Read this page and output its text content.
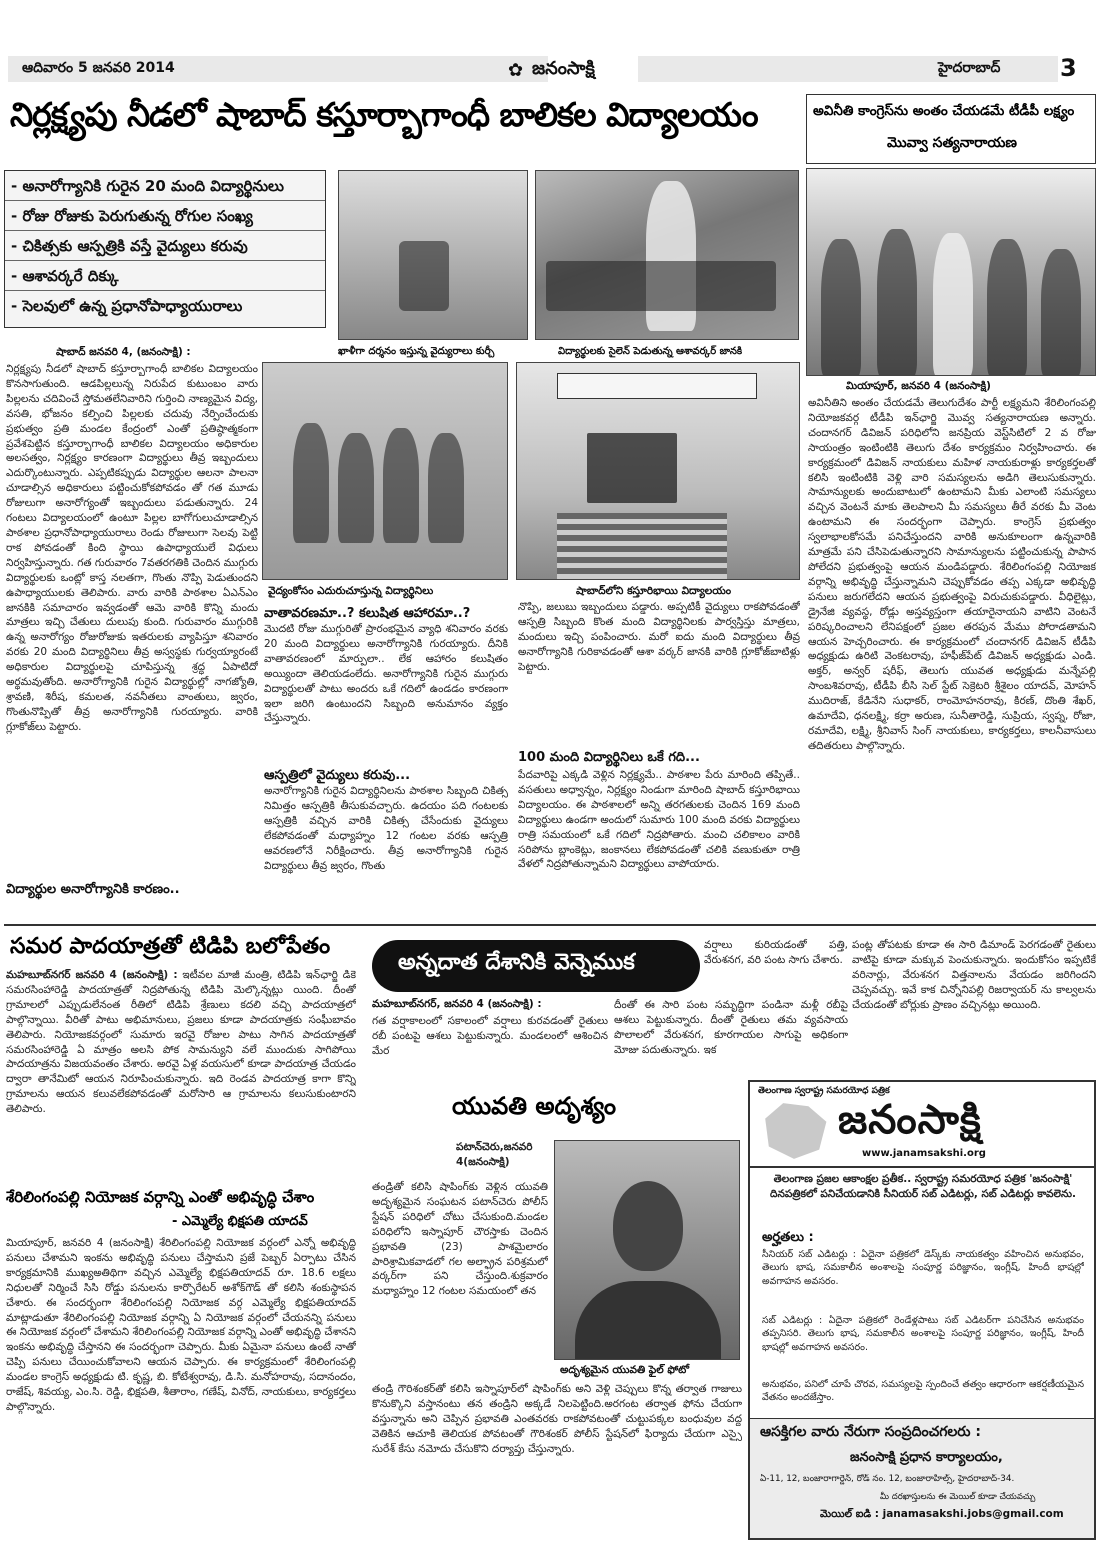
ఆదివారం 5 జనవరి 2014	✿ జనంసాక్షి	హైదరాబాద్ 3
నిర్లక్ష్యపు నీడలో షాబాద్ కస్తూర్బాగాంధీ బాలికల విద్యాలయం
- అనారోగ్యానికి గురైన 20 మంది విద్యార్థినులు
- రోజు రోజుకు పెరుగుతున్న రోగుల సంఖ్య
- చికిత్సకు ఆస్పత్రికి వస్తే వైద్యులు కరువు
- ఆశావర్కరే దిక్కు
- సెలవులో ఉన్న ప్రధానోపాధ్యాయురాలు
ఖాళీగా దర్శనం ఇస్తున్న వైద్యురాలు కుర్చీ	విద్యార్థులకు సైలెన్ పెడుతున్న ఆశావర్కర్ జానకి
షాబాద్ జనవరి 4, (జనంసాక్షి) :
నిర్లక్ష్యపు నీడలో షాబాద్ కస్తూర్బాగాంధీ బాలికల విద్యాలయం కొనసాగుతుంది. ఆడపిల్లలున్న నిరుపేద కుటుంబం వారు పిల్లలను చదివించే స్తోమతలేనివారిని గుర్తించి నాణ్యమైన విద్య, వసతి, భోజనం కల్పించి పిల్లలకు చదువు నేర్పించేందుకు ప్రభుత్వం ప్రతి మండల కేంద్రంలో ఎంతో ప్రతిష్ఠాత్మకంగా ప్రవేశపెట్టిన కస్తూర్బాగాంధీ బాలికల విద్యాలయం అధికారుల అలసత్వం, నిర్లక్ష్యం కారణంగా విద్యార్థులు తీవ్ర ఇబ్బందులు ఎదుర్కొంటున్నారు. ఎప్పటికప్పుడు విద్యార్థుల ఆలనా పాలనా చూడాల్సిన అధికారులు పట్టించుకోకపోవడం తో గత మూడు రోజులుగా అనారోగ్యంతో ఇబ్బందులు పడుతున్నారు. 24 గంటలు విద్యాలయంలో ఉంటూ పిల్లల బాగోగులుచూడాల్సిన పాఠశాల ప్రధానోపాధ్యాయురాలు రెండు రోజులుగా సెలవు పెట్టి రాక పోవడంతో కింది స్థాయి ఉపాధ్యాయులే విధులు నిర్వహిస్తున్నారు. గత గురువారం 7వతరగతికి చెందిన ముగ్గురు విద్యార్థులకు ఒంట్లో కాస్త నలతగా, గొంతు నొప్పి పెడుతుందని ఉపాధ్యాయులకు తెలిపారు. వారు వారికి పాఠశాల ఏఎన్ఎం జానకికి సమాచారం ఇవ్వడంతో ఆమె వారికి కొన్ని మందు మాత్రలు ఇచ్చి చేతులు దులుపు కుంది. గురువారం ముగ్గురికి ఉన్న అనారోగ్యం రోజురోజుకు ఇతరులకు వ్యాపిస్తూ శనివారం వరకు 20 మంది విద్యార్థినిలు తీవ్ర అస్వస్థకు గుర్వయ్యారంటే అధికారుల విద్యార్థులపై చూపిస్తున్న శ్రద్ధ ఏపాటిదో అర్థమవుతోంది. అనారోగ్యానికి గురైన విద్యార్థుల్లో నాగజ్యోతి, శ్రావణి, శిరీష, కమలత, నవనీతలు వాంతులు, జ్వరం, గొంతునొప్పితో తీవ్ర అనారోగ్యానికి గురయ్యారు. వారికి గ్లూకోజ్‌లు పెట్టారు.
విద్యార్థుల అనారోగ్యానికి కారణం..
వైద్యంకోసం ఎదురుచూస్తున్న విద్యార్థినిలు	షాబాద్‌లోని కస్తూరిభాయి విద్యాలయం
వాతావరణమా..? కలుషిత ఆహారమా..?
మొదటి రోజు ముగ్గురితో ప్రారంభమైన వ్యాధి శనివారం వరకు 20 మంది విద్యార్థులు అనారోగ్యానికి గురయ్యారు. దీనికి వాతావరణంలో మార్పులా.. లేక ఆహారం కలుషితం అయ్యిందా తెలియడంలేదు. అనారోగ్యానికి గురైన ముగ్గురు విద్యార్థులతో పాటు అందరు ఒకే గదిలో ఉండడం కారణంగా ఇలా జరిగి ఉంటుందని సిబ్బంది అనుమానం వ్యక్తం చేస్తున్నారు.
ఆస్పత్రిలో వైద్యులు కరువు...
అనారోగ్యానికి గురైన విద్యార్థినిలను పాఠశాల సిబ్బంది చికిత్స నిమిత్తం ఆస్పత్రికి తీసుకువచ్చారు. ఉదయం పది గంటలకు ఆస్పత్రికి వచ్చిన వారికి చికిత్స చేసేందుకు వైద్యులు లేకపోవడంతో మధ్యాహ్నం 12 గంటల వరకు ఆస్పత్రి ఆవరణలోనే నిరీక్షించారు. తీవ్ర అనారోగ్యానికి గురైన విద్యార్థులు తీవ్ర జ్వరం, గొంతు
నొప్పి, జలుబు ఇబ్బందులు పడ్డారు. అప్పటికీ వైద్యులు రాకపోవడంతో ఆస్పత్రి సిబ్బంది కొంత మంది విద్యార్థినిలకు పార్వస్తిస్తు మాత్రలు, మందులు ఇచ్చి పంపించారు. మరో ఐదు మంది విద్యార్థులు తీవ్ర అనారోగ్యానికి గురికావడంతో ఆశా వర్కర్ జానకి వారికి గ్లూకోజ్‌బాటిళ్లు పెట్టారు.
100 మంది విద్యార్థినిలు ఒకే గది...
పేదవారిపై ఎక్కడి వెళ్లిన నిర్లక్ష్యమే.. పాఠశాల పేరు మారింది తప్పితే.. వసతులు అధ్వాన్నం, నిర్లక్ష్యం నిండుగా మారింది షాబాద్ కస్తూరిభాయి విద్యాలయం. ఈ పాఠశాలలో అన్ని తరగతులకు చెందిన 169 మంది విద్యార్థులు ఉండగా అందులో సుమారు 100 మంది వరకు విద్యార్థులు రాత్రి సమయంలో ఒకే గదిలో నిద్రపోతారు. మంచి చలికాలం వారికి సరిపోను బ్లాంకెట్లు, జంకానలు లేకపోవడంతో చలికి వణుకుతూ రాత్రి వేళలో నిద్రపోతున్నామని విద్యార్థులు వాపోయారు.
అవినీతి కాంగ్రెస్‌ను అంతం చేయడమే టీడీపీ లక్ష్యం
మొవ్వా సత్యనారాయణ
మియాపూర్, జనవరి 4 (జనంసాక్షి)
అవినీతిని అంతం చేయడమే తెలుగుదేశం పార్టీ లక్ష్యమని శేరిలింగంపల్లి నియోజకవర్గ టీడీపి ఇన్‌ఛార్జి మొవ్వ సత్యనారాయణ అన్నారు. చందానగర్ డివిజన్ పరిధిలోని జనప్రియ వెస్ట్‌సిటిలో 2 వ రోజు సాయంత్రం ఇంటింటికి తెలుగు దేశం కార్యక్రమం నిర్వహించారు. ఈ కార్యక్రమంలో డివిజన్ నాయకులు మహిళ నాయకురాళ్లు కార్యకర్తలతో కలిసి ఇంటింటికి వెళ్లి వారి సమస్యలను అడిగి తెలుసుకున్నారు. సామాన్యులకు అందుబాటులో ఉంటామని మీకు ఎలాంటి సమస్యలు వచ్చిన వెంటనే మాకు తెలపాలని మీ సమస్యలు తీరే వరకు మీ వెంట ఉంటామని ఈ సందర్భంగా చెప్పారు. కాంగ్రెస్ ప్రభుత్వం స్వలాభాలకోసమే పనిచేస్తుందని వారికి అనుకూలంగా ఉన్నవారికి మాత్రమే పని చేసిపెడుతున్నారని సామాన్యులను పట్టించుకున్న పాపాన పోలేదని ప్రభుత్వంపై ఆయన మండిపడ్డారు. శేరిలింగంపల్లి నియోజక వర్గాన్ని అభివృద్ధి చేస్తున్నామని చెప్పుకోవడం తప్ప ఎక్కడా అభివృద్ధి పనులు జరుగలేదని ఆయన ప్రభుత్వంపై విరుచుకుపడ్డారు. వీధిలైట్లు, డ్రైనేజి వ్యవస్థ, రోడ్లు అస్తవ్యస్తంగా తయారైనాయని వాటిని వెంటనే పరిష్కరించాలని లేనిపక్షంలో ప్రజల తరపున మేము పోరాడతామని ఆయన హెచ్చరించారు. ఈ కార్యక్రమంలో చందానగర్ డివిజన్ టీడీపి అధ్యక్షుడు ఉరిటి వెంకటరావు, హఫీజ్‌పేట్ డివిజన్ అధ్యక్షుడు ఎండి. అక్తర్, అన్వర్ షరీఫ్, తెలుగు యువత అధ్యక్షుడు మన్నేపల్లి సాంబశివరావు, టీడీపి బీసి సెల్ స్టేట్ సెక్రెటరి శ్రీశైలం యాదవ్, మోహన్ ముదిరాజ్, కేడినేని సుధాకర్, రాంమోహనరావు, కిరణ్, దొంతి శేఖర్, ఉమాదేవి, ధనలక్ష్మి, కర్రా అరుణ, సునీతారెడ్డి, సుప్రియ, స్వప్న, రోజా, రమాదేవి, లక్ష్మి, శ్రీనివాస్ సింగ్ నాయకులు, కార్యకర్తలు, కాలనీవాసులు తదితరులు పాల్గొన్నారు.
సమర పాదయాత్రతో టిడిపి బలోపేతం
మహబూబ్‌నగర్ జనవరి 4 (జనంసాక్షి) : ఇటీవల మాజీ మంత్రి, టిడిపి ఇన్‌ఛార్జి డికె సమరసింహారెడ్డి పాదయాత్రతో నిద్రపోతున్న టిడిపి మెల్కొన్నట్లు యింది. దీంతో గ్రామాలలో ఎప్పుడులేనంత రీతిలో టిడిపి శ్రేణులు కదలి వచ్చి పాదయాత్రలో పాల్గొన్నాయి. వీరితో పాటు అభిమానులు, ప్రజలు కూడా పాదయాత్రకు సంఘీబావం తెలిపారు. నియోజకవర్గంలో సుమారు ఇరవై రోజుల పాటు సాగిన పాదయాత్రతో సమరసింహారెడ్డి ఏ మాత్రం అలసి పోక సామన్యుని వలే ముందుకు సాగిపోయి పాదయాత్రను విజయవంతం చేశారు. అరవై ఏళ్ల వయసులో కూడా పాదయాత్ర చేయడం ద్వారా తానేమిటో ఆయన నిరూపించుకున్నారు. ఇది రెండవ పాదయాత్ర కాగా కొన్ని గ్రామాలను ఆయన కలువలేకపోవడంతో మరోసారి ఆ గ్రామాలను కలుసుకుంటారని తెలిపారు.
శేరిలింగంపల్లి నియోజక వర్గాన్ని ఎంతో అభివృద్ధి చేశాం
- ఎమ్మెల్యే భిక్షపతి యాదవ్
మియాపూర్, జనవరి 4 (జనంసాక్షి) శేరిలింగంపల్లి నియోజక వర్గంలో ఎన్నో అభివృద్ధి పనులు చేశామని ఇంకను అభివృద్ధి పనులు చేస్తామని ప్రజే పెబ్బర్ ఏర్పాటు చేసిన కార్యక్రమానికి ముఖ్యఅతిథిగా వచ్చిన ఎమ్మెల్యే భిక్షపతియాదవ్ రూ. 18.6 లక్షలు నిధులతో నిర్మించే సిసి రోడ్డు పనులను కార్పొరేటర్ అశోక్‌గౌడ్ తో కలిసి శంకుస్థాపన చేశారు. ఈ సందర్భంగా శేరిలింగంపల్లి నియోజక వర్గ ఎమ్మెల్యే భిక్షపతియాదవ్ మాట్లాడుతూ శేరిలింగంపల్లి నియోజక వర్గాన్ని ఏ నియోజక వర్గంలో చేయనన్ని పనులు ఈ నియోజక వర్గంలో చేశామని శేరిలింగంపల్లి నియోజక వర్గాన్ని ఎంతో అభివృద్ధి చేశానని ఇంకను అభివృద్ధి చేస్తానని ఈ సందర్భంగా చెప్పారు. మీకు ఏమైనా పనులు ఉంటే నాతో చెప్పి పనులు చేయించుకోవాలని ఆయన చెప్పారు. ఈ కార్యక్రమంలో శేరిలింగంపల్లి మండల కాంగ్రెస్ అధ్యక్షుడు టి. కృష్ణ, బి. కోటేశ్వరావు, డి.సి. మనోహరావు, సదానందం, రాజేష్, శివయ్య, ఎం.సి. రెడ్డి, భిక్షపతి, శీతారాం, గణేష్, వినోద్, నాయకులు, కార్యకర్తలు పాల్గొన్నారు.
అన్నదాత దేశానికి వెన్నెముక
మహబూబ్‌నగర్, జనవరి 4 (జనంసాక్షి) :
గత వర్షాకాలంలో సకాలంలో వర్షాలు కురవడంతో రైతులు రబీ పంటపై ఆశలు పెట్టుకున్నారు. మండలంలో ఆశించిన మేర
వర్షాలు కురియడంతో పత్తి, వేరుశనగ, వరి పంట సాగు చేశారు.
దీంతో ఈ సారి పంట సమృద్ధిగా పండినా మళ్లీ రబీపై ఆశలు పెట్టుకున్నారు. దీంతో రైతులు తమ వ్యవసాయ పొలాలలో వేరుశనగ, కూరగాయల సాగుపై అధికంగా మోజు పదుతున్నారు. ఇక
పంట్ల తోపటకు కూడా ఈ సారి డిమాండ్ పెరగడంతో రైతులు వాటిపై కూడా మక్కువ పెంచుకున్నారు. ఇందుకోసం ఇప్పటికే వరినార్లు, వేరుశనగ విత్తనాలను వేయడం జరిగిందని చెప్పవచ్చు. ఇవే కాక చిన్నోనిపల్లి రిజర్వాయర్ ను కాల్వలను చేయడంతో బోర్లుకు ప్రాణం వచ్చినట్లు అయింది.
యువతి అదృశ్యం
పటాన్‌చెరు,జనవరి 4(జనంసాక్షి)
తండ్రితో కలిసి షాపింగ్‌కు వెళ్లిన యువతి అదృశ్యమైన సంఘటన పటాన్‌చెరు పోలీస్ స్టేషన్ పరిధిలో చోటు చేసుకుంది.మండల పరిధిలోని ఇస్నాపూర్ చౌరస్తాకు చెందిన ప్రభావతి (23) పాశమైలారం పారిశ్రామికవాడలో గల అల్ఫ్రాన పరిశ్రమలో వర్కర్‌గా పని చేస్తుంది.శుక్రవారం మధ్యాహ్నం 12 గంటల సమయంలో తన
అదృశ్యమైన యువతి ఫైల్ ఫోటో
తండ్రి గౌరిశంకర్‌తో కలిసి ఇస్నాపూర్‌లో షాపింగ్‌కు అని వెళ్లి చెప్పులు కొన్న తర్వాత గాజులు కొనుక్కొని వస్తానంటు తన తండ్రిని అక్కడే నిలపెట్టింది.అరగంట తర్వాత ఫోను చేయగా వస్తున్నాను అని చెప్పిన ప్రభావతి ఎంతవరకు రాకపోవటంతో చుట్టుపక్కల బంధువుల వద్ద వెతికిన ఆచూకి తెలియక పోవటంతో గౌరిశంకర్ పోలీస్ స్టేషన్‌లో ఫిర్యాదు చేయగా ఎస్సై సురేశ్ కేసు నమోదు చేసుకొని దర్యాప్తు చేస్తున్నారు.
తెలంగాణ స్వరాష్ట్ర సమరయోధ పత్రిక
జనంసాక్షి
www.janamsakshi.org
తెలంగాణ ప్రజల ఆకాంక్షల ప్రతీక.. స్వరాష్ట్ర సమరయోధ పత్రిక 'జనంసాక్షి' దినపత్రికలో పనిచేయడానికి సీనియర్ సబ్ ఎడిటర్లు, సబ్ ఎడిటర్లు కావలెను.
అర్హతలు :
సీనియర్ సబ్ ఎడిటర్లు : ఏదైనా పత్రికలో డెస్క్‌కు నాయకత్వం వహించిన అనుభవం, తెలుగు భాష, సమకాలీన అంశాలపై సంపూర్ణ పరిజ్ఞానం, ఇంగ్లీష్, హిందీ భాషల్లో అవగాహన అవసరం.
సబ్ ఎడిటర్లు : ఏదైనా పత్రికలో రెండేళ్లపాటు సబ్ ఎడిటర్‌గా పనిచేసిన అనుభవం తప్పనిసరి. తెలుగు భాష, సమకాలీన అంశాలపై సంపూర్ణ పరిజ్ఞానం, ఇంగ్లీష్, హిందీ భాషల్లో అవగాహన అవసరం.
అనుభవం, పనిలో చూపే చొరవ, సమస్యలపై స్పందించే తత్వం ఆధారంగా ఆకర్షణీయమైన వేతనం అందజేస్తాం.
ఆసక్తిగల వారు నేరుగా సంప్రదించగలరు :
జనంసాక్షి ప్రధాన కార్యాలయం,
ఏ-11, 12, బంజారాగార్డెన్, రోడ్ నం. 12, బంజారాహిల్స్, హైదరాబాద్-34.
మీ దరఖాస్తులను ఈ మెయిల్ కూడా చేయవచ్చు
మెయిల్ ఐడి : janamasakshi.jobs@gmail.com
